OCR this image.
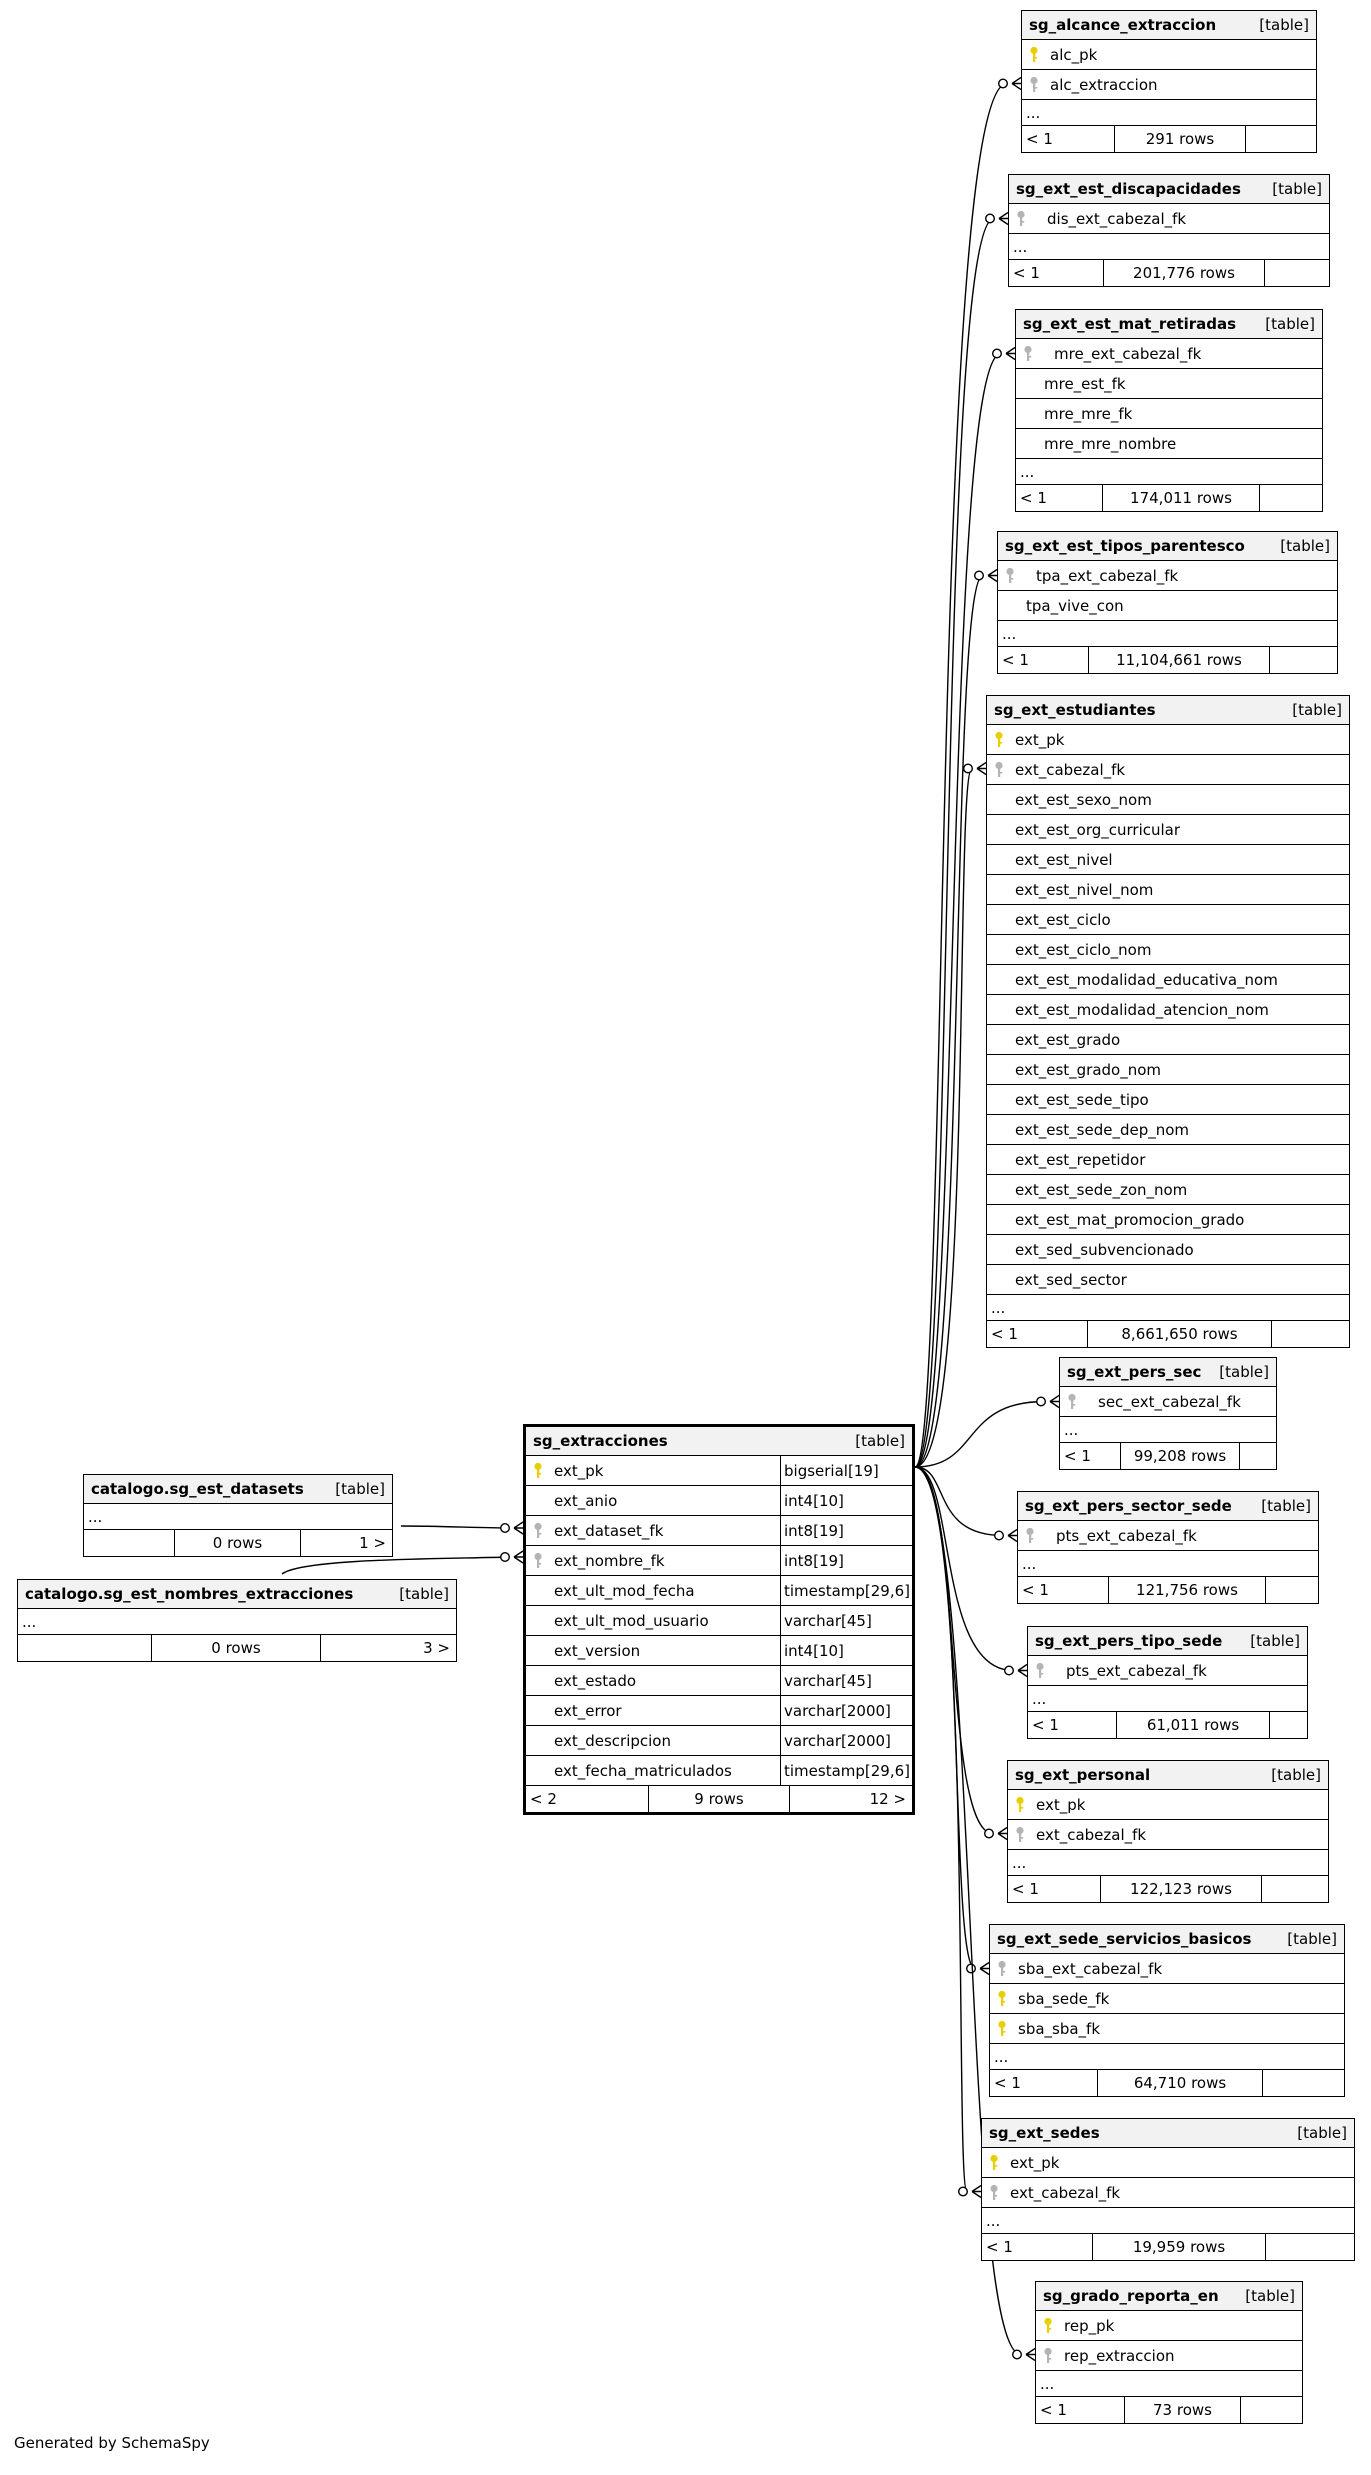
sg_extracciones	[table]
ext_pk	bigserial[19]
ext_anio	int4[10]
ext_dataset_fk	int8[19]
ext_nombre_fk	int8[19]
ext_ult_mod_fecha	timestamp[29,6]
ext_ult_mod_usuario	varchar[45]
ext_version	int4[10]
ext_estado	varchar[45]
ext_error	varchar[2000]
ext_descripcion	varchar[2000]
ext_fecha_matriculados	timestamp[29,6]
< 2	9 rows	12 >
catalogo.sg_est_datasets [table]
...
0 rows	1 >
catalogo.sg_est_nombres_extracciones	[table]
...
0 rows	3 >
sg_alcance_extraccion	[table]
alc_pk
alc_extraccion
...
< 1	291 rows
sg_ext_est_discapacidades [table]
dis_ext_cabezal_fk
...
< 1	201,776 rows
sg_ext_est_mat_retiradas [table]
mre_ext_cabezal_fk
mre_est_fk
mre_mre_fk
mre_mre_nombre
...
< 1	174,011 rows
sg_ext_est_tipos_parentesco [table]
tpa_ext_cabezal_fk
tpa_vive_con
...
< 1	11,104,661 rows
sg_ext_estudiantes	[table]
ext_pk
ext_cabezal_fk
ext_est_sexo_nom
ext_est_org_curricular
ext_est_nivel
ext_est_nivel_nom
ext_est_ciclo
ext_est_ciclo_nom
ext_est_modalidad_educativa_nom
ext_est_modalidad_atencion_nom
ext_est_grado
ext_est_grado_nom
ext_est_sede_tipo
ext_est_sede_dep_nom
ext_est_repetidor
ext_est_sede_zon_nom
ext_est_mat_promocion_grado
ext_sed_subvencionado
ext_sed_sector
...
< 1	8,661,650 rows
sg_ext_pers_sec [table]
sec_ext_cabezal_fk
...
< 1	99,208 rows
sg_ext_pers_sector_sede [table]
pts_ext_cabezal_fk
...
< 1	121,756 rows
sg_ext_pers_tipo_sede [table]
pts_ext_cabezal_fk
...
< 1	61,011 rows
sg_ext_personal	[table]
ext_pk
ext_cabezal_fk
...
< 1	122,123 rows
sg_ext_sede_servicios_basicos [table]
sba_ext_cabezal_fk
sba_sede_fk
sba_sba_fk
...
< 1	64,710 rows
sg_ext_sedes	[table]
ext_pk
ext_cabezal_fk
...
< 1	19,959 rows
sg_grado_reporta_en [table]
rep_pk
rep_extraccion
...
< 1	73 rows
Generated by SchemaSpy
